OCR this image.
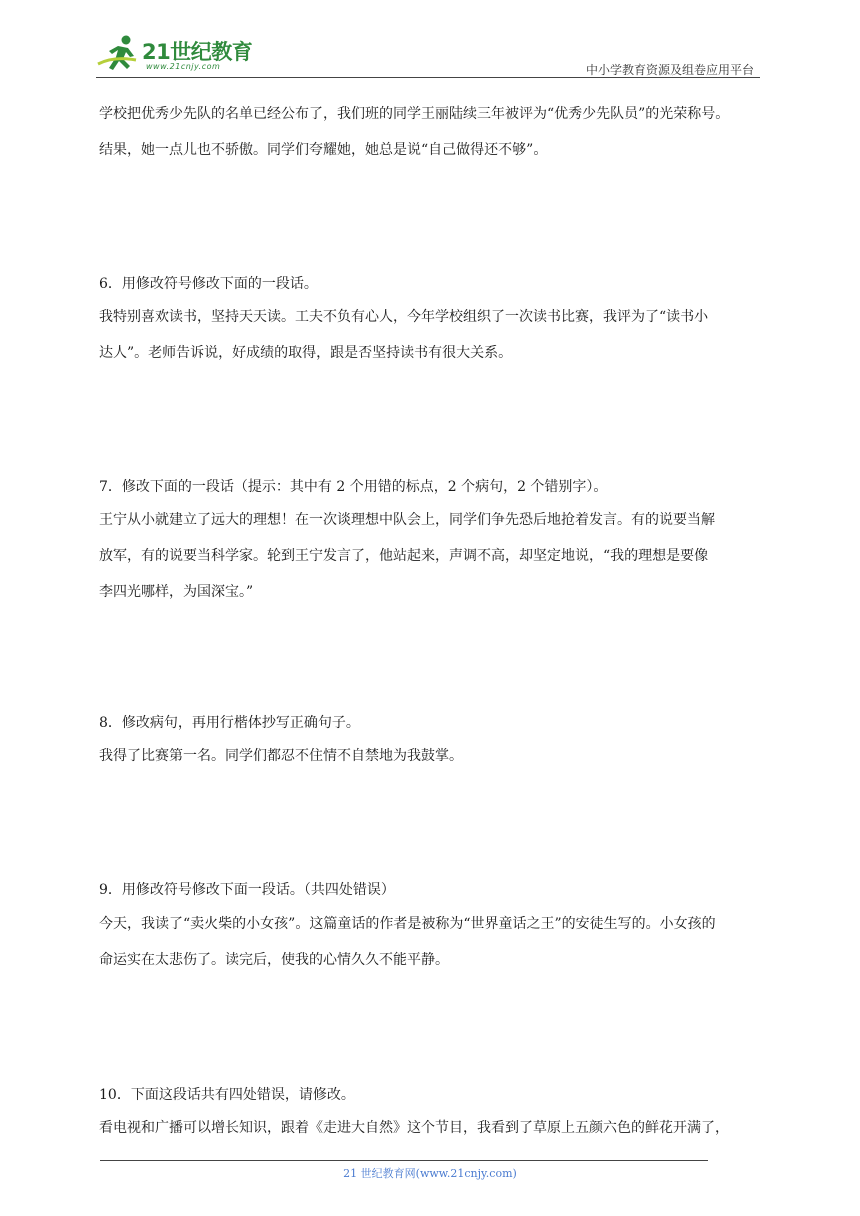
21世纪教育
www.21cnjy.com	中小学教育资源及组卷应用平台

学校把优秀少先队的名单已经公布了，我们班的同学王丽陆续三年被评为“优秀少先队员”的光荣称号。

结果，她一点儿也不骄傲。同学们夸耀她，她总是说“自己做得还不够”。

6．用修改符号修改下面的一段话。

我特别喜欢读书，坚持天天读。工夫不负有心人，今年学校组织了一次读书比赛，我评为了“读书小

达人”。老师告诉说，好成绩的取得，跟是否坚持读书有很大关系。

7．修改下面的一段话（提示：其中有 2 个用错的标点，2 个病句，2 个错别字）。

王宁从小就建立了远大的理想！在一次谈理想中队会上，同学们争先恐后地抢着发言。有的说要当解

放军，有的说要当科学家。轮到王宁发言了，他站起来，声调不高，却坚定地说，“我的理想是要像

李四光哪样，为国深宝。”

8．修改病句，再用行楷体抄写正确句子。

我得了比赛第一名。同学们都忍不住情不自禁地为我鼓掌。

9．用修改符号修改下面一段话。（共四处错误）

今天，我读了“卖火柴的小女孩”。这篇童话的作者是被称为“世界童话之王”的安徒生写的。小女孩的

命运实在太悲伤了。读完后，使我的心情久久不能平静。

10．下面这段话共有四处错误，请修改。

看电视和广播可以增长知识，跟着《走进大自然》这个节目，我看到了草原上五颜六色的鲜花开满了，

21 世纪教育网(www.21cnjy.com)
